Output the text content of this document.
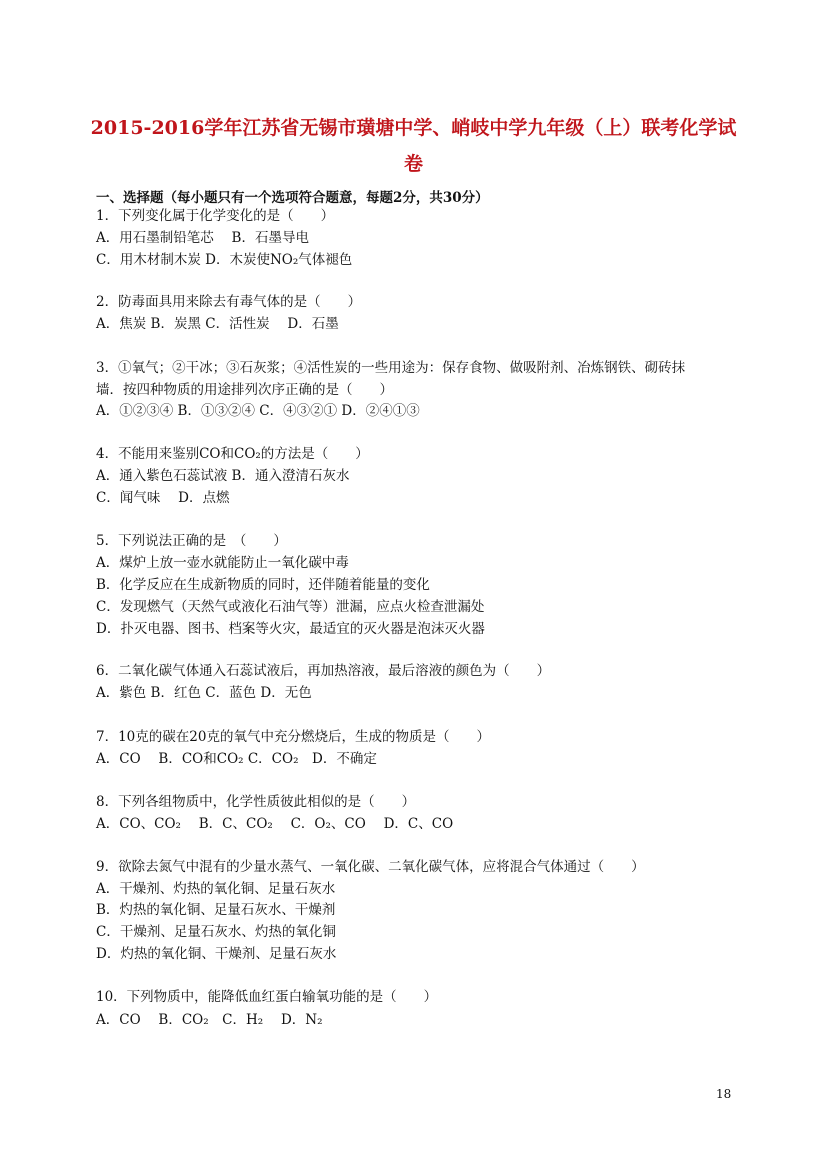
2015-2016学年江苏省无锡市璜塘中学、峭岐中学九年级（上）联考化学试
卷
一、选择题（每小题只有一个选项符合题意，每题2分，共30分）
1．下列变化属于化学变化的是（　　）
A．用石墨制铅笔芯　 B．石墨导电
C．用木材制木炭 D．木炭使NO₂气体褪色
2．防毒面具用来除去有毒气体的是（　　）
A．焦炭 B．炭黑 C．活性炭　 D．石墨
3．①氧气；②干冰；③石灰浆；④活性炭的一些用途为：保存食物、做吸附剂、冶炼钢铁、砌砖抹
墙．按四种物质的用途排列次序正确的是（　　）
A．①②③④ B．①③②④ C．④③②① D．②④①③
4．不能用来鉴别CO和CO₂的方法是（　　）
A．通入紫色石蕊试液 B．通入澄清石灰水
C．闻气味　 D．点燃
5．下列说法正确的是　（　　）
A．煤炉上放一壶水就能防止一氧化碳中毒
B．化学反应在生成新物质的同时，还伴随着能量的变化
C．发现燃气（天然气或液化石油气等）泄漏，应点火检查泄漏处
D．扑灭电器、图书、档案等火灾，最适宜的灭火器是泡沫灭火器
6．二氧化碳气体通入石蕊试液后，再加热溶液，最后溶液的颜色为（　　）
A．紫色 B．红色 C．蓝色 D．无色
7．10克的碳在20克的氧气中充分燃烧后，生成的物质是（　　）
A．CO　 B．CO和CO₂ C．CO₂　D．不确定
8．下列各组物质中，化学性质彼此相似的是（　　）
A．CO、CO₂　 B．C、CO₂　 C．O₂、CO　 D．C、CO
9．欲除去氮气中混有的少量水蒸气、一氧化碳、二氧化碳气体，应将混合气体通过（　　）
A．干燥剂、灼热的氧化铜、足量石灰水
B．灼热的氧化铜、足量石灰水、干燥剂
C．干燥剂、足量石灰水、灼热的氧化铜
D．灼热的氧化铜、干燥剂、足量石灰水
10．下列物质中，能降低血红蛋白输氧功能的是（　　）
A．CO　 B．CO₂　C．H₂　 D．N₂
18
